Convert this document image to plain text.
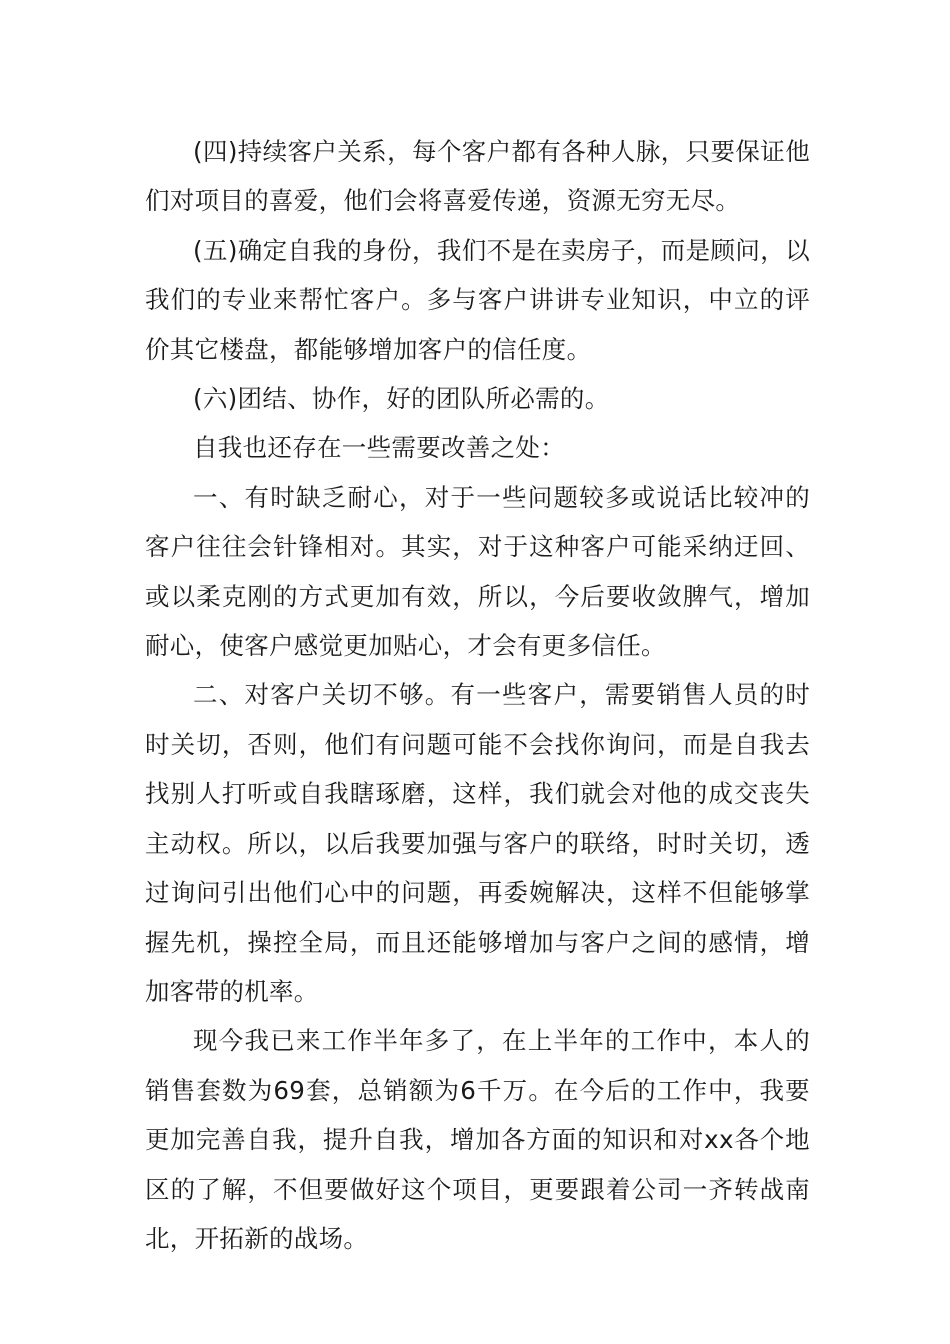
(四)持续客户关系，每个客户都有各种人脉，只要保证他们对项目的喜爱，他们会将喜爱传递，资源无穷无尽。

(五)确定自我的身份，我们不是在卖房子，而是顾问，以我们的专业来帮忙客户。多与客户讲讲专业知识，中立的评价其它楼盘，都能够增加客户的信任度。

(六)团结、协作，好的团队所必需的。

自我也还存在一些需要改善之处：

一、有时缺乏耐心，对于一些问题较多或说话比较冲的客户往往会针锋相对。其实，对于这种客户可能采纳迂回、或以柔克刚的方式更加有效，所以，今后要收敛脾气，增加耐心，使客户感觉更加贴心，才会有更多信任。

二、对客户关切不够。有一些客户，需要销售人员的时时关切，否则，他们有问题可能不会找你询问，而是自我去找别人打听或自我瞎琢磨，这样，我们就会对他的成交丧失主动权。所以，以后我要加强与客户的联络，时时关切，透过询问引出他们心中的问题，再委婉解决，这样不但能够掌握先机，操控全局，而且还能够增加与客户之间的感情，增加客带的机率。

现今我已来工作半年多了，在上半年的工作中，本人的销售套数为69套，总销额为6千万。在今后的工作中，我要更加完善自我，提升自我，增加各方面的知识和对xx各个地区的了解，不但要做好这个项目，更要跟着公司一齐转战南北，开拓新的战场。
